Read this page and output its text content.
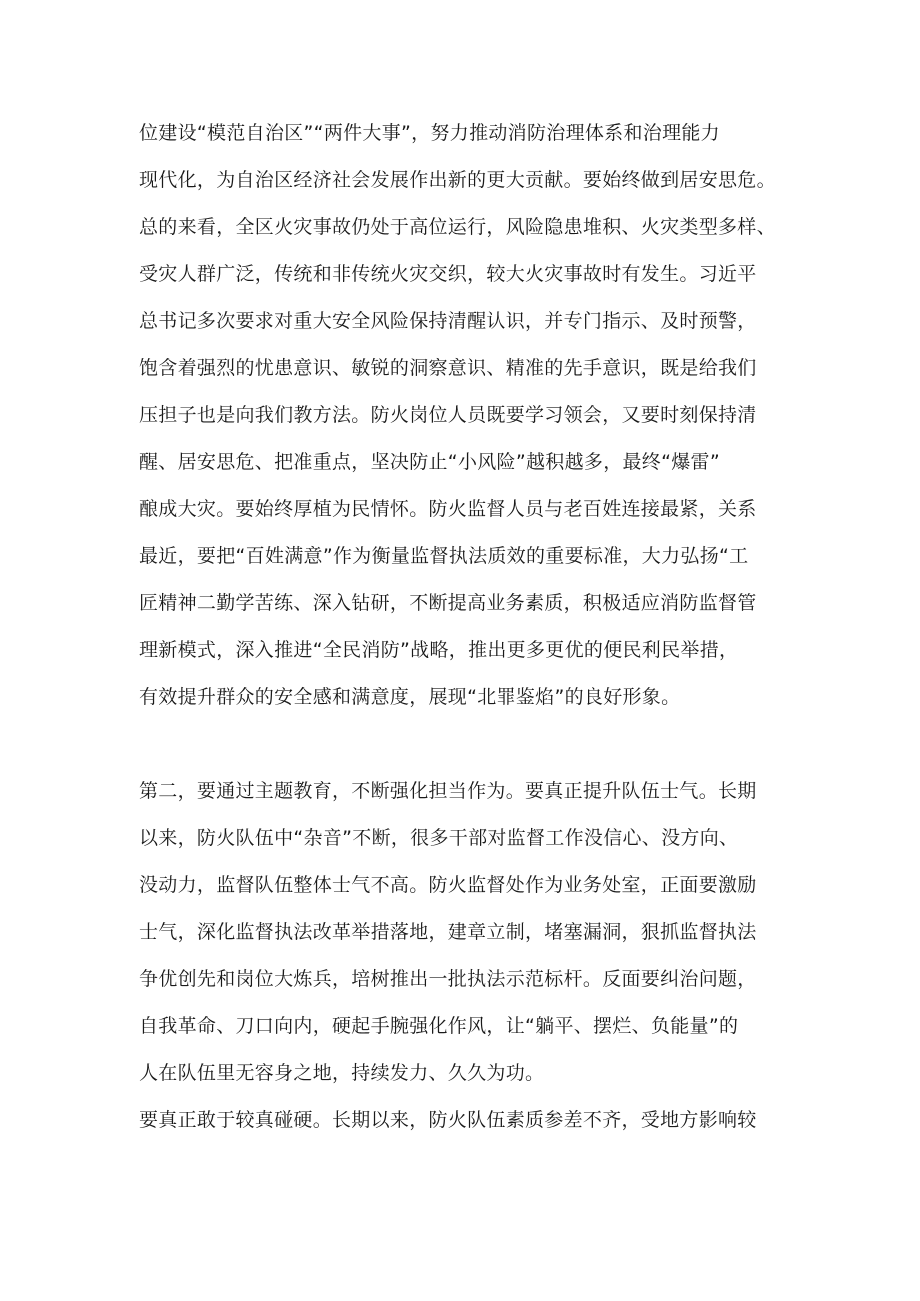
位建设“模范自治区”“两件大事”，努力推动消防治理体系和治理能力
现代化，为自治区经济社会发展作出新的更大贡献。要始终做到居安思危。
总的来看，全区火灾事故仍处于高位运行，风险隐患堆积、火灾类型多样、
受灾人群广泛，传统和非传统火灾交织，较大火灾事故时有发生。习近平
总书记多次要求对重大安全风险保持清醒认识，并专门指示、及时预警，
饱含着强烈的忧患意识、敏锐的洞察意识、精准的先手意识，既是给我们
压担子也是向我们教方法。防火岗位人员既要学习领会，又要时刻保持清
醒、居安思危、把准重点，坚决防止“小风险”越积越多，最终“爆雷”
酿成大灾。要始终厚植为民情怀。防火监督人员与老百姓连接最紧，关系
最近，要把“百姓满意”作为衡量监督执法质效的重要标准，大力弘扬“工
匠精神二勤学苦练、深入钻研，不断提高业务素质，积极适应消防监督管
理新模式，深入推进“全民消防”战略，推出更多更优的便民利民举措，
有效提升群众的安全感和满意度，展现“北罪鉴焰”的良好形象。
第二，要通过主题教育，不断强化担当作为。要真正提升队伍士气。长期
以来，防火队伍中“杂音”不断，很多干部对监督工作没信心、没方向、
没动力，监督队伍整体士气不高。防火监督处作为业务处室，正面要激励
士气，深化监督执法改革举措落地，建章立制，堵塞漏洞，狠抓监督执法
争优创先和岗位大炼兵，培树推出一批执法示范标杆。反面要纠治问题，
自我革命、刀口向内，硬起手腕强化作风，让“躺平、摆烂、负能量”的
人在队伍里无容身之地，持续发力、久久为功。
要真正敢于较真碰硬。长期以来，防火队伍素质参差不齐，受地方影响较
